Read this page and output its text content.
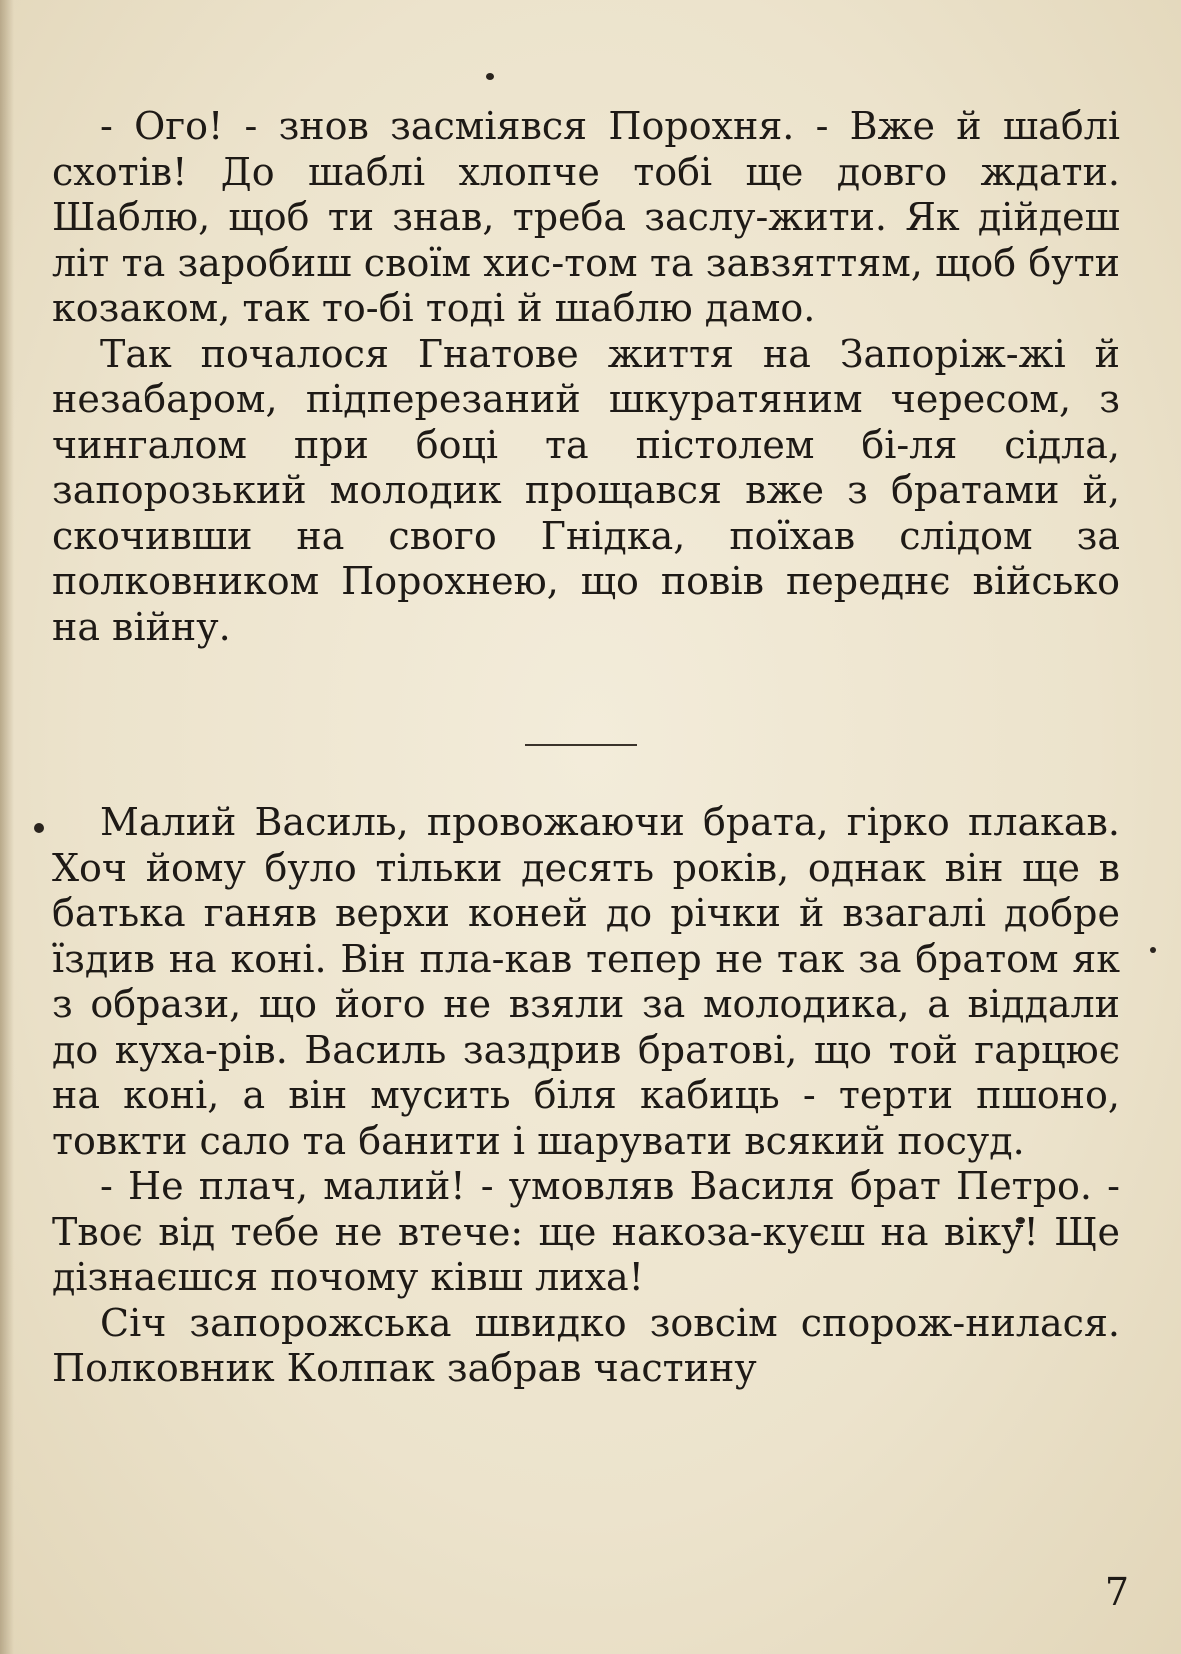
- Ого! - знов засміявся Порохня. - Вже й шаблі схотів! До шаблі хлопче тобі ще довго ждати. Шаблю, щоб ти знав, треба заслу-жити. Як дійдеш літ та заробиш своїм хис-том та завзяттям, щоб бути козаком, так то-бі тоді й шаблю дамо.

Так почалося Гнатове життя на Запоріж-жі й незабаром, підперезаний шкуратяним чересом, з чингалом при боці та пістолем бі-ля сідла, запорозький молодик прощався вже з братами й, скочивши на свого Гнідка, поїхав слідом за полковником Порохнею, що повів переднє військо на війну.

Малий Василь, провожаючи брата, гірко плакав. Хоч йому було тільки десять років, однак він ще в батька ганяв верхи коней до річки й взагалі добре їздив на коні. Він пла-кав тепер не так за братом як з образи, що його не взяли за молодика, а віддали до куха-рів. Василь заздрив братові, що той гарцює на коні, а він мусить біля кабиць - терти пшоно, товкти сало та банити і шарувати всякий посуд.

- Не плач, малий! - умовляв Василя брат Петро. - Твоє від тебе не втече: ще накоза-куєш на віку! Ще дізнаєшся почому ківш лиха!

Січ запорожська швидко зовсім спорож-нилася. Полковник Колпак забрав частину

7
